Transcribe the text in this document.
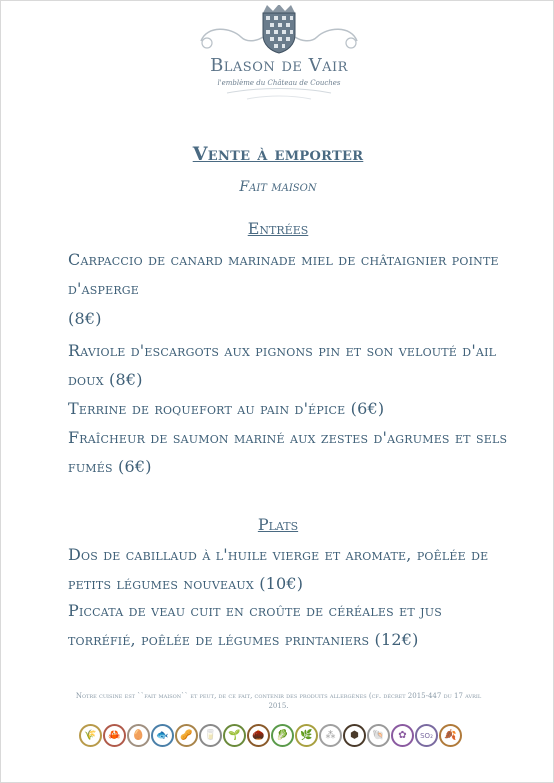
Blason de Vair
l'emblème du Château de Couches
Vente à emporter
Fait maison
Entrées
Carpaccio de canard marinade miel de châtaignier pointe d'asperge
(8€)
Raviole d'escargots aux pignons pin et son velouté d'ail doux (8€)
Terrine de roquefort au pain d'épice (6€)
Fraîcheur de saumon mariné aux zestes d'agrumes et sels fumés (6€)
Plats
Dos de cabillaud à l'huile vierge et aromate, poêlée de petits légumes nouveaux (10€)
Piccata de veau cuit en croûte de céréales et jus torréfié, poêlée de légumes printaniers (12€)
Notre cuisine est ``fait maison`` et peut, de ce fait, contenir des produits allergènes (cf. décret 2015-447 du 17 avril 2015.
🌾	🦀	🥚	🐟	🥜	🥛	🌱	🌰	🥬	🌿	⁂	⬢	🐚	✿	SO₂	🍂
